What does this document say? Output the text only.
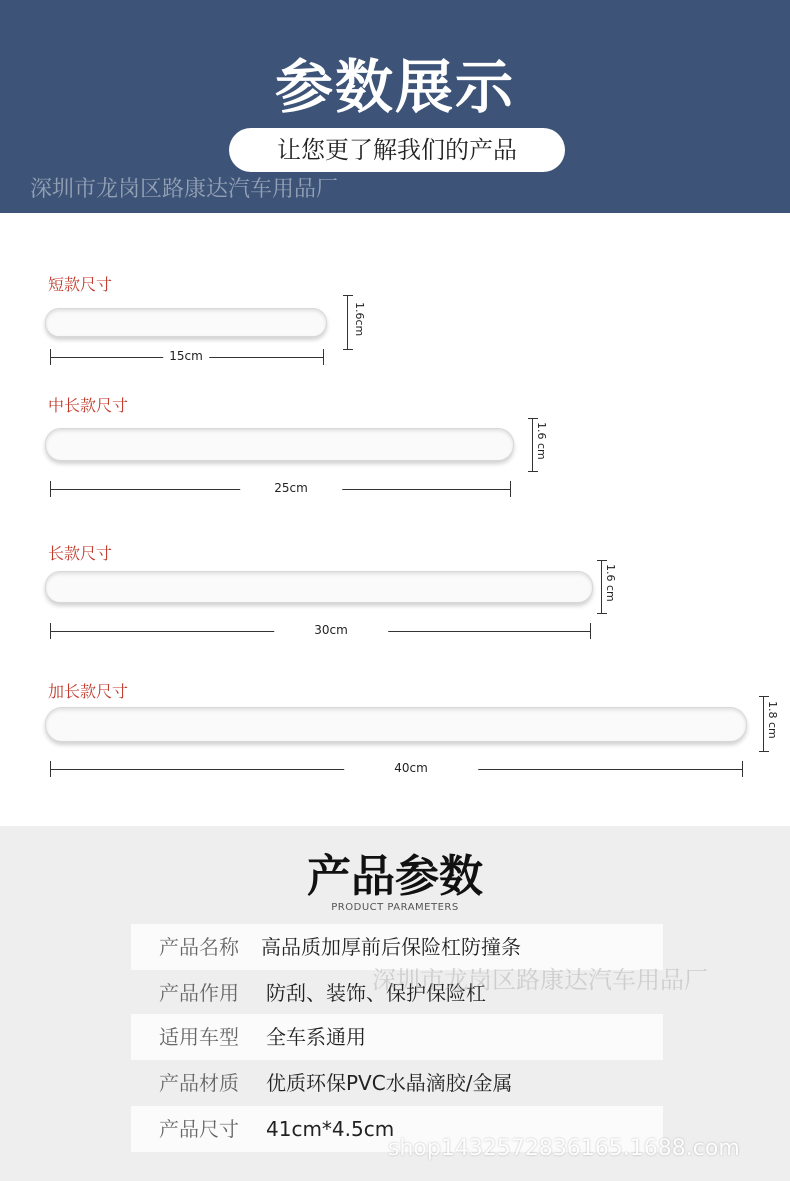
参数展示
让您更了解我们的产品
深圳市龙岗区路康达汽车用品厂
短款尺寸
1.6cm
15cm
中长款尺寸
1.6 cm
25cm
长款尺寸
1.6 cm
30cm
加长款尺寸
1.8 cm
40cm
产品参数
PRODUCT PARAMETERS
产品名称 高品质加厚前后保险杠防撞条
产品作用 防刮、装饰、保护保险杠
适用车型 全车系通用
产品材质 优质环保PVC水晶滴胶/金属
产品尺寸 41cm*4.5cm
深圳市龙岗区路康达汽车用品厂
shop1432572836165.1688.com
